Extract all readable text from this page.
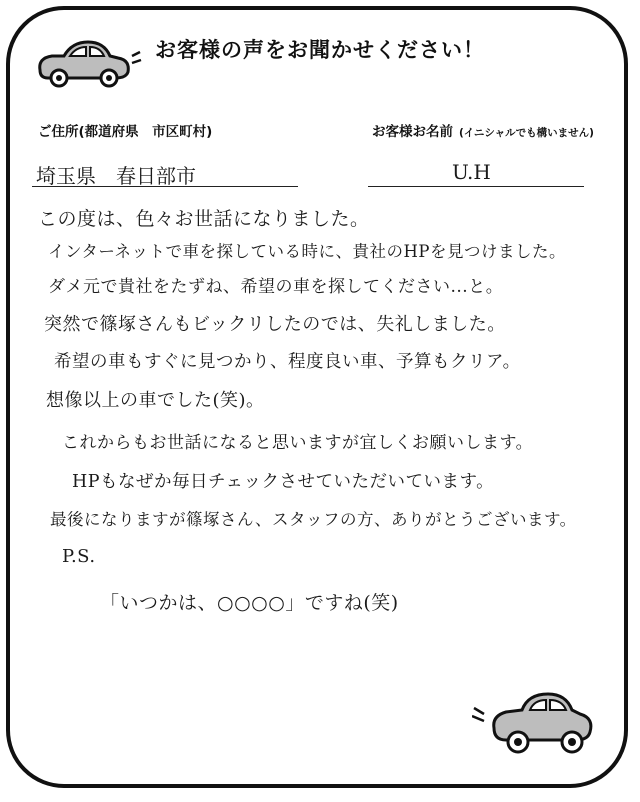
お客様の声をお聞かせください！
ご住所(都道府県　市区町村)	お客様お名前 (イニシャルでも構いません)
埼玉県　春日部市	U.H
この度は、色々お世話になりました。
インターネットで車を探している時に、貴社のHPを見つけました。
ダメ元で貴社をたずね、希望の車を探してください...と。
突然で篠塚さんもビックリしたのでは、失礼しました。
希望の車もすぐに見つかり、程度良い車、予算もクリア。
想像以上の車でした(笑)。
これからもお世話になると思いますが宜しくお願いします。
HPもなぜか毎日チェックさせていただいています。
最後になりますが篠塚さん、スタッフの方、ありがとうございます。
P.S.
「いつかは、○○○○」ですね(笑)
